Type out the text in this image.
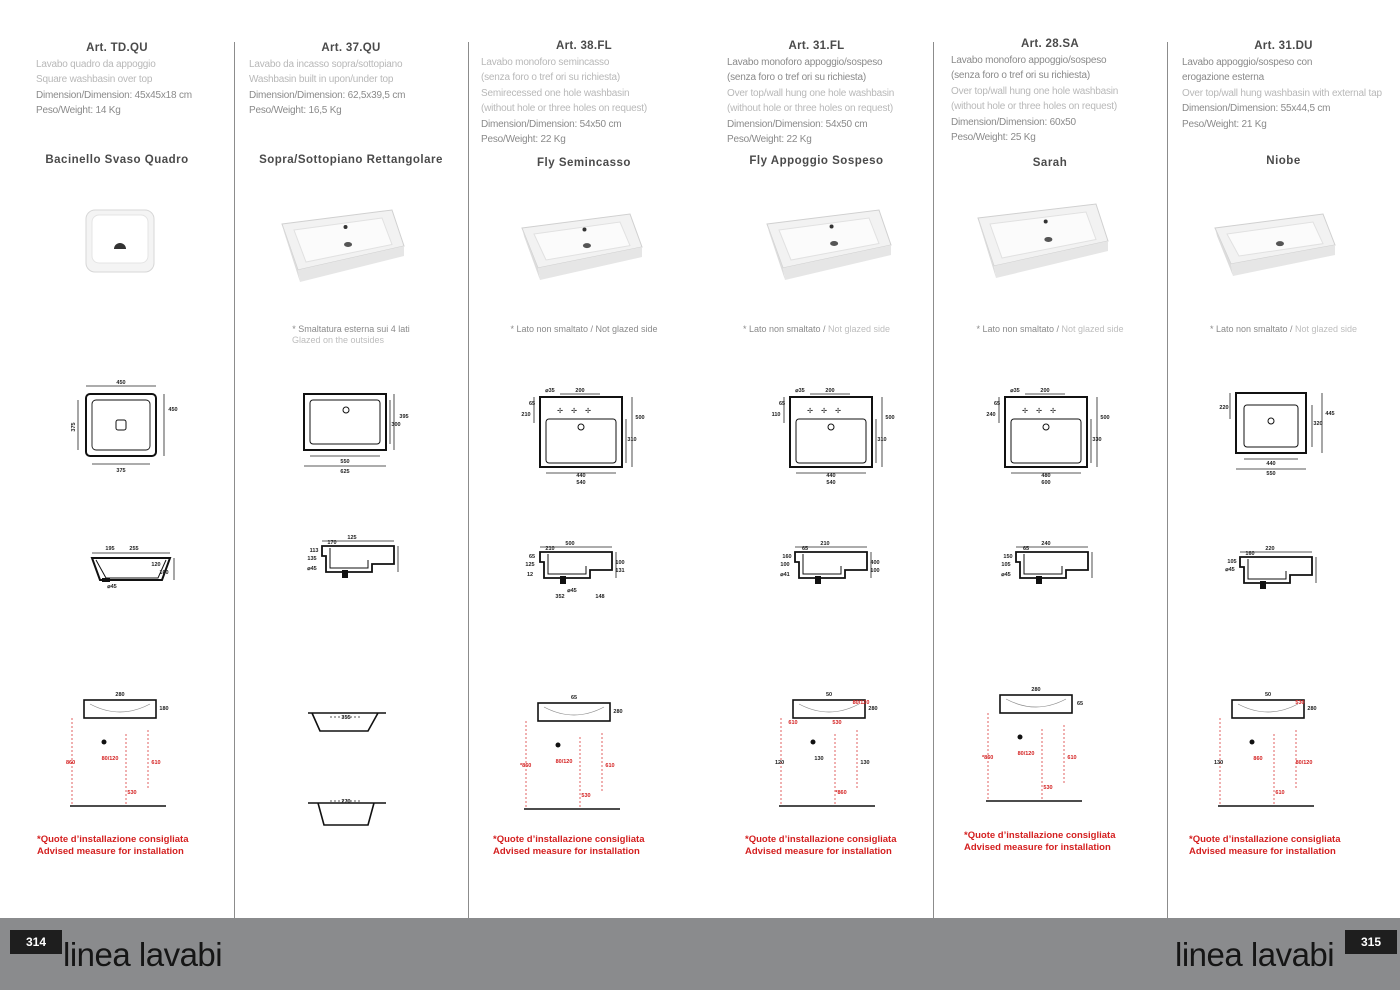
Art. TD.QU
Lavabo quadro da appoggio
Square washbasin over top
Dimension/Dimension: 45x45x18 cm
Peso/Weight: 14 Kg
Bacinello Svaso Quadro
450
450
375
375
195	255
120
160
⌀45
280
180
860
80/120
610
530
*Quote d’installazione consigliata
Advised measure for installation
Art. 37.QU
Lavabo da incasso sopra/sottopiano
Washbasin built in upon/under top
Dimension/Dimension: 62,5x39,5 cm
Peso/Weight: 16,5 Kg
Sopra/Sottopiano Rettangolare
* Smaltatura esterna sui 4 lati
Glazed on the outsides
395
300
550
625
125
170
113
135
⌀45
355
270
Art. 38.FL
Lavabo monoforo semincasso
(senza foro o tref ori su richiesta)
Semirecessed one hole washbasin
(without hole or three holes on request)
Dimension/Dimension: 54x50 cm
Peso/Weight: 22 Kg
Fly Semincasso
* Lato non smaltato / Not glazed side
✢ ✢ ✢
⌀35	200
65
210	500
310
440
540
500
210
65
125
12
100
131
⌀45
352	148
65
280
*860
80/120
610
530
*Quote d’installazione consigliata
Advised measure for installation
Art. 31.FL
Lavabo monoforo appoggio/sospeso
(senza foro o tref ori su richiesta)
Over top/wall hung one hole washbasin
(without hole or three holes on request)
Dimension/Dimension: 54x50 cm
Peso/Weight: 22 Kg
Fly Appoggio Sospeso
* Lato non smaltato / Not glazed side
✢ ✢ ✢
⌀35	200
65
110	500
310
440
540
210
65
160
100
⌀41
400
100
50
280
120
130
130
*860
80/120
610	530
*Quote d’installazione consigliata
Advised measure for installation
Art. 28.SA
Lavabo monoforo appoggio/sospeso
(senza foro o tref ori su richiesta)
Over top/wall hung one hole washbasin
(without hole or three holes on request)
Dimension/Dimension: 60x50
Peso/Weight: 25 Kg
Sarah
* Lato non smaltato / Not glazed side
✢ ✢ ✢
⌀35	200
65
240	500
330
480
600
240
65
150
105
⌀45
280
65
*860
80/120
610
530
*Quote d’installazione consigliata
Advised measure for installation
Art. 31.DU
Lavabo appoggio/sospeso con
erogazione esterna
Over top/wall hung washbasin with external tap
Dimension/Dimension: 55x44,5 cm
Peso/Weight: 21 Kg
Niobe
* Lato non smaltato / Not glazed side
220
445
320
440
550
220
160
105
⌀45
50
280
130
860
80/120
610
530
*Quote d’installazione consigliata
Advised measure for installation
314	315
linea lavabi	linea lavabi
